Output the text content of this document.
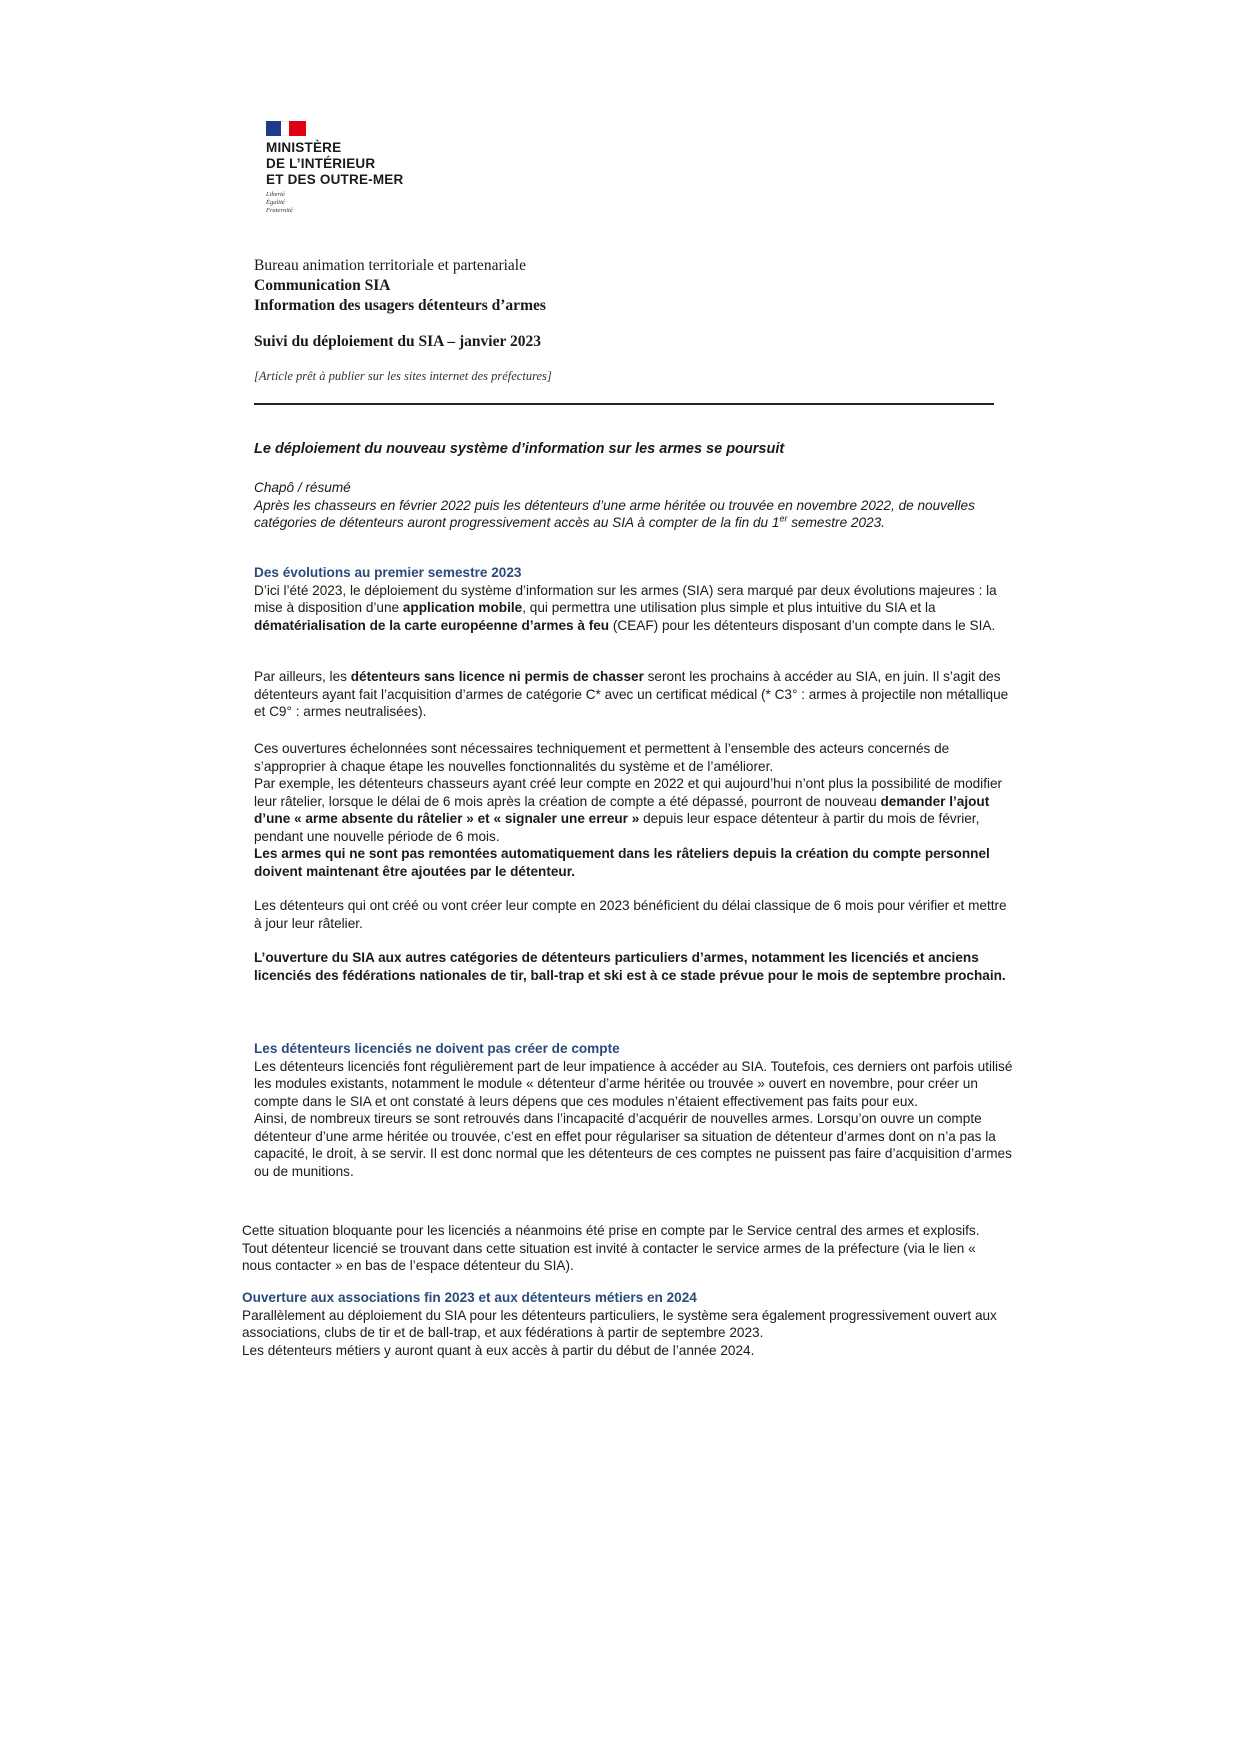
MINISTÈRE
DE L’INTÉRIEUR
ET DES OUTRE-MER
Liberté
Égalité
Fraternité
Bureau animation territoriale et partenariale
Communication SIA
Information des usagers détenteurs d’armes
Suivi du déploiement du SIA – janvier 2023
[Article prêt à publier sur les sites internet des préfectures]
Le déploiement du nouveau système d’information sur les armes se poursuit

Chapô / résumé

Après les chasseurs en février 2022 puis les détenteurs d’une arme héritée ou trouvée en novembre 2022, de nouvelles catégories de détenteurs auront progressivement accès au SIA à compter de la fin du 1er semestre 2023.

Des évolutions au premier semestre 2023

D’ici l’été 2023, le déploiement du système d’information sur les armes (SIA) sera marqué par deux évolutions majeures : la mise à disposition d’une application mobile, qui permettra une utilisation plus simple et plus intuitive du SIA et la dématérialisation de la carte européenne d’armes à feu (CEAF) pour les détenteurs disposant d’un compte dans le SIA.

Par ailleurs, les détenteurs sans licence ni permis de chasser seront les prochains à accéder au SIA, en juin. Il s’agit des détenteurs ayant fait l’acquisition d’armes de catégorie C* avec un certificat médical (* C3° : armes à projectile non métallique et C9° : armes neutralisées).

Ces ouvertures échelonnées sont nécessaires techniquement et permettent à l’ensemble des acteurs concernés de s’approprier à chaque étape les nouvelles fonctionnalités du système et de l’améliorer.

Par exemple, les détenteurs chasseurs ayant créé leur compte en 2022 et qui aujourd’hui n’ont plus la possibilité de modifier leur râtelier, lorsque le délai de 6 mois après la création de compte a été dépassé, pourront de nouveau demander l’ajout d’une « arme absente du râtelier » et « signaler une erreur » depuis leur espace détenteur à partir du mois de février, pendant une nouvelle période de 6 mois.

Les armes qui ne sont pas remontées automatiquement dans les râteliers depuis la création du compte personnel doivent maintenant être ajoutées par le détenteur.

Les détenteurs qui ont créé ou vont créer leur compte en 2023 bénéficient du délai classique de 6 mois pour vérifier et mettre à jour leur râtelier.

L’ouverture du SIA aux autres catégories de détenteurs particuliers d’armes, notamment les licenciés et anciens licenciés des fédérations nationales de tir, ball-trap et ski est à ce stade prévue pour le mois de septembre prochain.

Les détenteurs licenciés ne doivent pas créer de compte

Les détenteurs licenciés font régulièrement part de leur impatience à accéder au SIA. Toutefois, ces derniers ont parfois utilisé les modules existants, notamment le module « détenteur d’arme héritée ou trouvée » ouvert en novembre, pour créer un compte dans le SIA et ont constaté à leurs dépens que ces modules n’étaient effectivement pas faits pour eux.

Ainsi, de nombreux tireurs se sont retrouvés dans l’incapacité d’acquérir de nouvelles armes. Lorsqu’on ouvre un compte détenteur d’une arme héritée ou trouvée, c’est en effet pour régulariser sa situation de détenteur d’armes dont on n’a pas la capacité, le droit, à se servir. Il est donc normal que les détenteurs de ces comptes ne puissent pas faire d’acquisition d’armes ou de munitions.

Cette situation bloquante pour les licenciés a néanmoins été prise en compte par le Service central des armes et explosifs. Tout détenteur licencié se trouvant dans cette situation est invité à contacter le service armes de la préfecture (via le lien « nous contacter » en bas de l’espace détenteur du SIA).

Ouverture aux associations fin 2023 et aux détenteurs métiers en 2024

Parallèlement au déploiement du SIA pour les détenteurs particuliers, le système sera également progressivement ouvert aux associations, clubs de tir et de ball-trap, et aux fédérations à partir de septembre 2023.

Les détenteurs métiers y auront quant à eux accès à partir du début de l’année 2024.
